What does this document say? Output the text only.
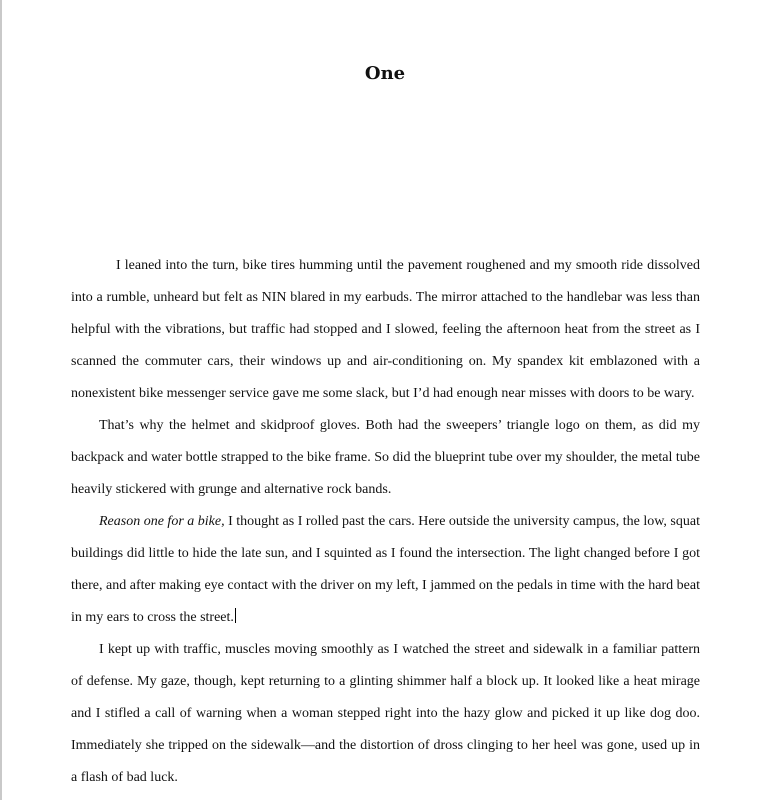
One

I leaned into the turn, bike tires humming until the pavement roughened and my smooth ride dissolved into a rumble, unheard but felt as NIN blared in my earbuds. The mirror attached to the handlebar was less than helpful with the vibrations, but traffic had stopped and I slowed, feeling the afternoon heat from the street as I scanned the commuter cars, their windows up and air-conditioning on. My spandex kit emblazoned with a nonexistent bike messenger service gave me some slack, but I’d had enough near misses with doors to be wary.

That’s why the helmet and skidproof gloves. Both had the sweepers’ triangle logo on them, as did my backpack and water bottle strapped to the bike frame. So did the blueprint tube over my shoulder, the metal tube heavily stickered with grunge and alternative rock bands.

Reason one for a bike, I thought as I rolled past the cars. Here outside the university campus, the low, squat buildings did little to hide the late sun, and I squinted as I found the intersection. The light changed before I got there, and after making eye contact with the driver on my left, I jammed on the pedals in time with the hard beat in my ears to cross the street.

I kept up with traffic, muscles moving smoothly as I watched the street and sidewalk in a familiar pattern of defense. My gaze, though, kept returning to a glinting shimmer half a block up. It looked like a heat mirage and I stifled a call of warning when a woman stepped right into the hazy glow and picked it up like dog doo. Immediately she tripped on the sidewalk—and the distortion of dross clinging to her heel was gone, used up in a flash of bad luck.
